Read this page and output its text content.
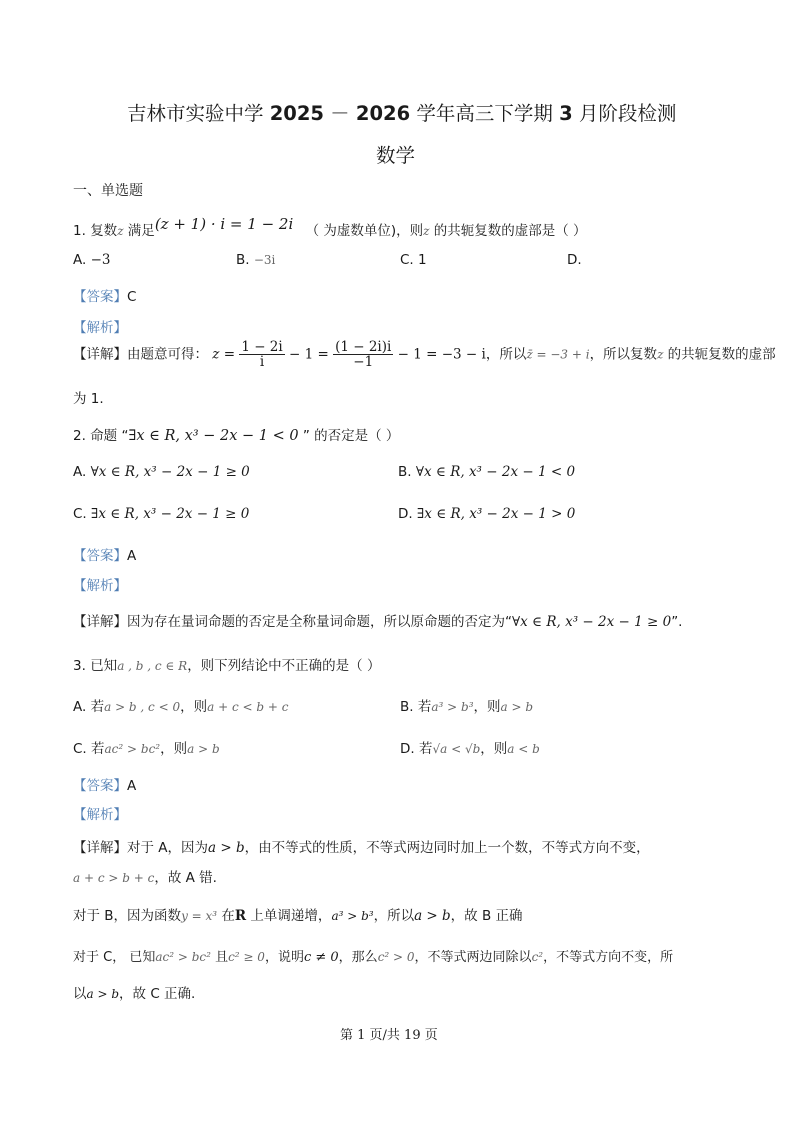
吉林市实验中学 2025 － 2026 学年高三下学期 3 月阶段检测
数学
一、单选题
1. 复数z 满足(z + 1) · i = 1 − 2i （ 为虚数单位)，则z 的共轭复数的虚部是（ ）
A. −3	B. −3i	C. 1	D.
【答案】C
【解析】
【详解】由题意可得： $z = \frac{1 - 2i}{i} - 1 = \frac{(1 - 2i)i}{-1} - 1 = -3 - i$，所以z̄ = −3 + i，所以复数z 的共轭复数的虚部
为 1.
2. 命题 “∃x ∈ R, x³ − 2x − 1 < 0 ” 的否定是（ ）
A. ∀x ∈ R, x³ − 2x − 1 ≥ 0	B. ∀x ∈ R, x³ − 2x − 1 < 0
C. ∃x ∈ R, x³ − 2x − 1 ≥ 0	D. ∃x ∈ R, x³ − 2x − 1 > 0
【答案】A
【解析】
【详解】因为存在量词命题的否定是全称量词命题，所以原命题的否定为“∀x ∈ R, x³ − 2x − 1 ≥ 0”.
3. 已知a , b , c ∈ R，则下列结论中不正确的是（ ）
A. 若a > b , c < 0，则a + c < b + c	B. 若a³ > b³，则a > b
C. 若ac² > bc²，则a > b	D. 若√a < √b，则a < b
【答案】A
【解析】
【详解】对于 A，因为a > b，由不等式的性质，不等式两边同时加上一个数，不等式方向不变，
a + c > b + c，故 A 错.
对于 B，因为函数y = x³ 在R 上单调递增，a³ > b³，所以a > b，故 B 正确
对于 C， 已知ac² > bc² 且c² ≥ 0，说明c ≠ 0，那么c² > 0，不等式两边同除以c²，不等式方向不变，所
以a > b，故 C 正确.
第 1 页/共 19 页
